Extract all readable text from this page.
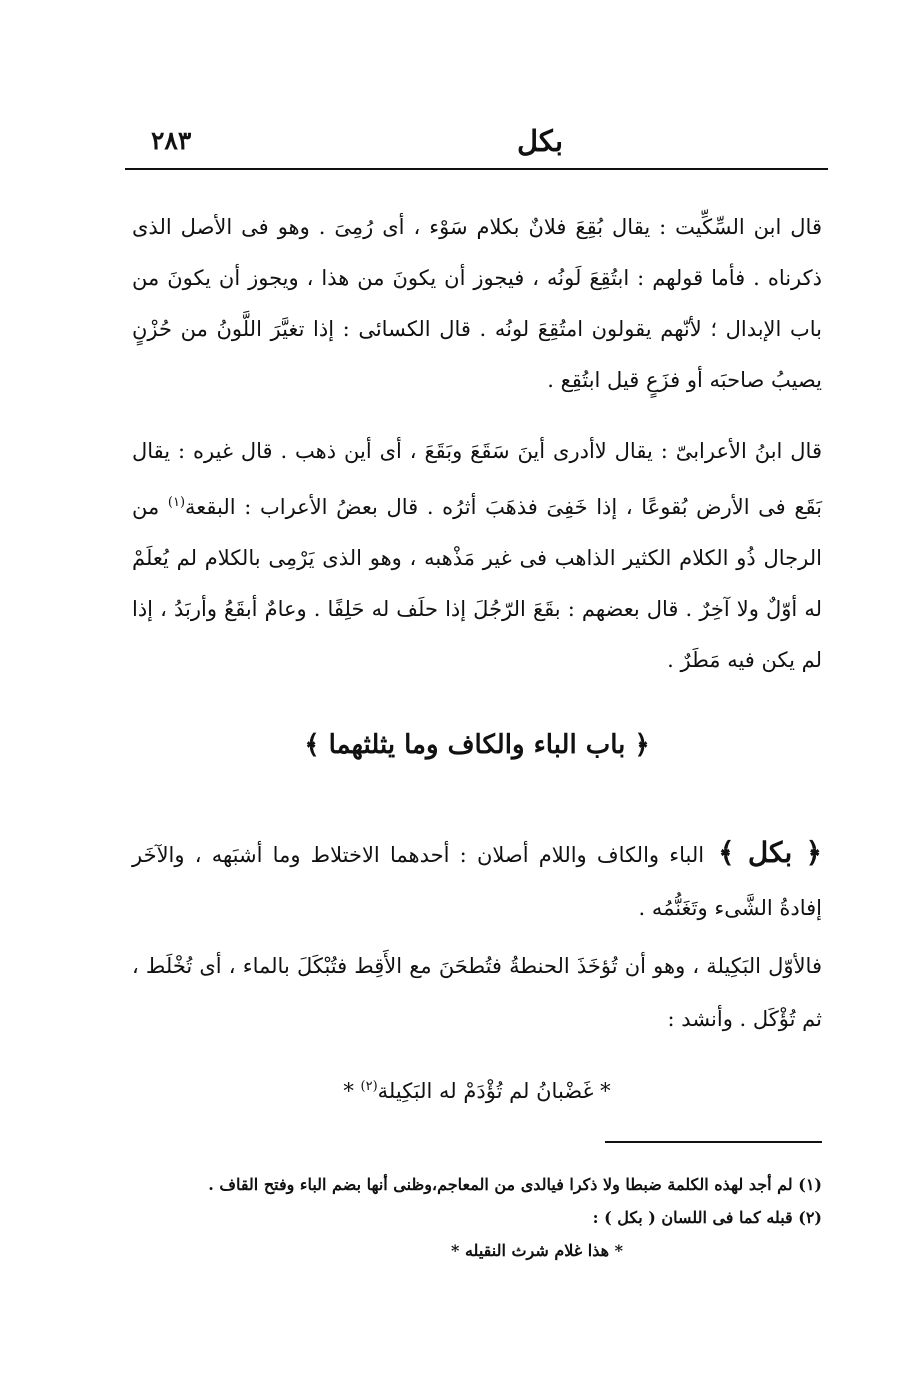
بكل
٢٨٣

قال ابن السِّكِّيت : يقال بُقِعَ فلانٌ بكلام سَوْء ، أى رُمِىَ . وهو فى الأصل الذى ذكرناه . فأما قولهم : ابتُقِعَ لَونُه ، فيجوز أن يكونَ من هذا ، ويجوز أن يكونَ من باب الإبدال ؛ لأنّهم يقولون امتُقِعَ لونُه . قال الكسائى : إذا تغيَّرَ اللَّونُ من حُزْنٍ يصيبُ صاحبَه أو فزَعٍ قيل ابتُقِع .

قال ابنُ الأعرابىّ : يقال لاأدرى أينَ سَقَعَ وبَقَعَ ، أى أين ذهب . قال غيره : يقال بَقَع فى الأرض بُقوعًا ، إذا خَفِىَ فذهَبَ أثرُه . قال بعضُ الأعراب : البقعة$^{(١)}$ من الرجال ذُو الكلام الكثير الذاهب فى غير مَذْهبه ، وهو الذى يَرْمِى بالكلام لم يُعلَمْ له أوّلٌ ولا آخِرٌ . قال بعضهم : بقَعَ الرّجُلَ إذا حلَف له حَلِفًا . وعامٌ أبقَعُ وأربَدُ ، إذا لم يكن فيه مَطَرٌ .

﴿ باب الباء والكاف وما يثلثهما ﴾

﴿ بكل ﴾الباء والكاف واللام أصلان : أحدهما الاختلاط وما أشبَهه ، والآخَر إفادةُ الشَّىء وتَغَنُّمُه .

فالأوّل البَكِيلة ، وهو أن تُؤخَذَ الحنطةُ فتُطحَنَ مع الأَقِط فتُبْكَلَ بالماء ، أى تُخْلَط ، ثم تُؤْكَل . وأنشد :

* غَضْبانُ لم تُؤْدَمْ له البَكِيلة$^{(٢)}$ *

(١) لم أجد لهذه الكلمة ضبطا ولا ذكرا فيالدى من المعاجم،وظنى أنها بضم الباء وفتح القاف .

(٢) قبله كما فى اللسان ( بكل ) :

* هذا غلام شرث النقيله *
